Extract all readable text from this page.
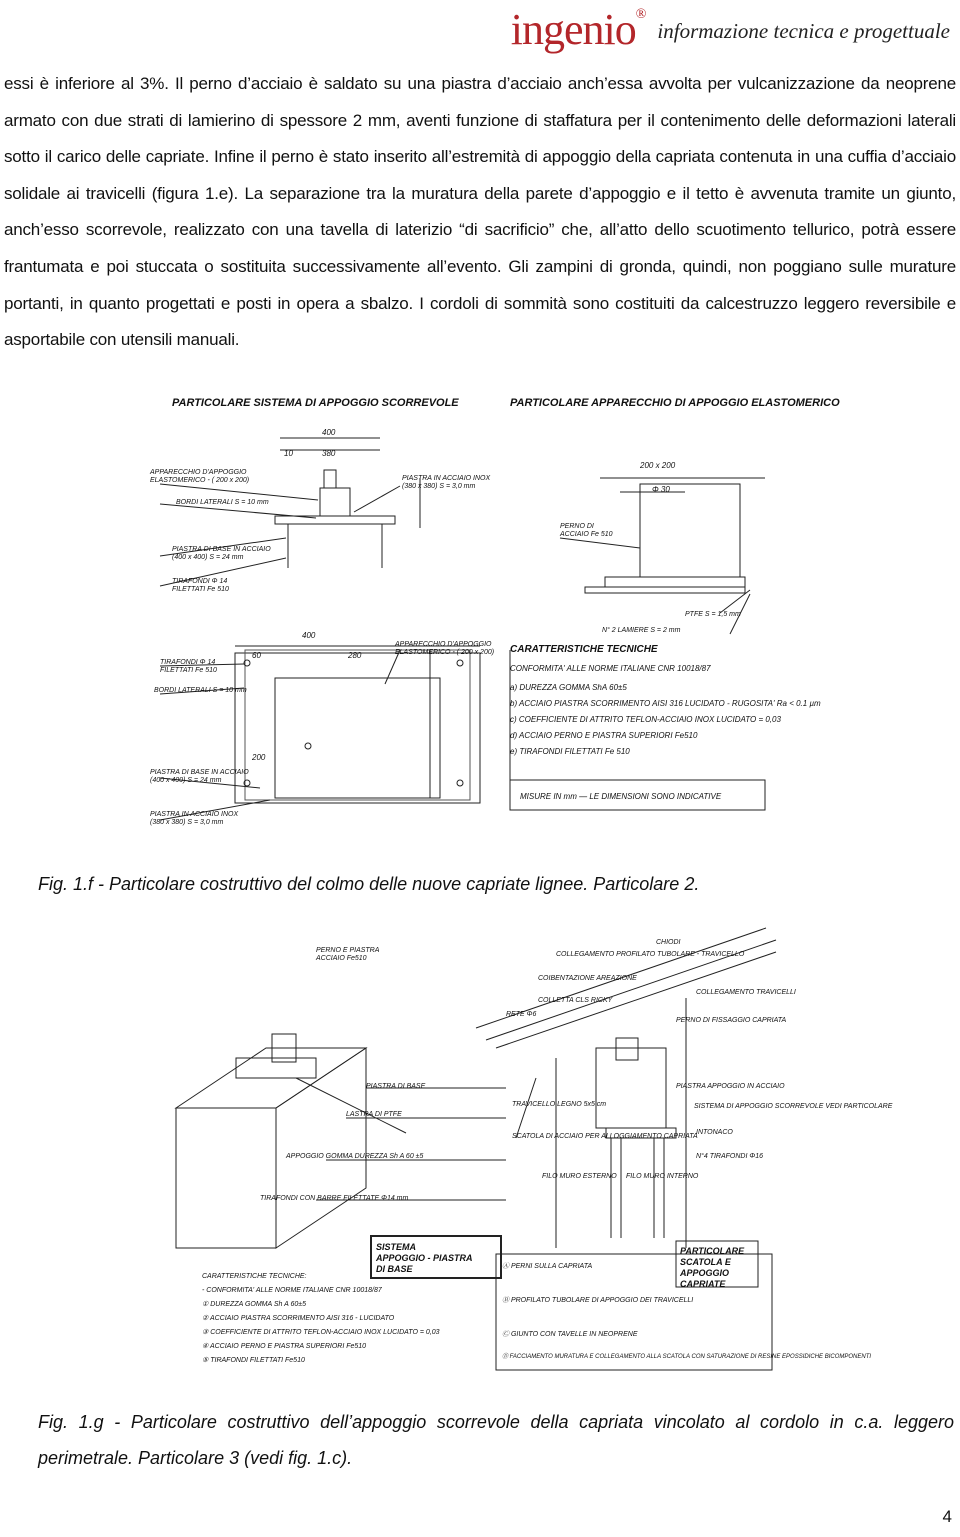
ingenio®
informazione tecnica e progettuale

essi è inferiore al 3%. Il perno d’acciaio è saldato su una piastra d’acciaio anch’essa avvolta per vulcanizzazione da neoprene armato con due strati di lamierino di spessore 2 mm, aventi funzione di staffatura per il contenimento delle deformazioni laterali sotto il carico delle capriate. Infine il perno è stato inserito all’estremità di appoggio della capriata contenuta in una cuffia d’acciaio solidale ai travicelli (figura 1.e). La separazione tra la muratura della parete d’appoggio e il tetto è avvenuta tramite un giunto, anch’esso scorrevole, realizzato con una tavella di laterizio “di sacrificio” che, all’atto dello scuotimento tellurico, potrà essere frantumata e poi stuccata o sostituita successivamente all’evento. Gli zampini di gronda, quindi, non poggiano sulle murature portanti, in quanto progettati e posti in opera a sbalzo. I cordoli di sommità sono costituiti da calcestruzzo leggero reversibile e asportabile con utensili manuali.

PARTICOLARE SISTEMA DI APPOGGIO SCORREVOLE	PARTICOLARE APPARECCHIO DI APPOGGIO ELASTOMERICO
400
380
10
APPARECCHIO D'APPOGGIO
ELASTOMERICO - ( 200 x 200)
BORDI LATERALI S = 10 mm
PIASTRA DI BASE IN ACCIAIO
(400 x 400) S = 24 mm
TIRAFONDI Φ 14
FILETTATI Fe 510
PIASTRA IN ACCIAIO INOX
(380 x 380) S = 3,0 mm
200 x 200
Φ 30
PERNO DI
ACCIAIO Fe 510
PTFE S = 1,5 mm
N° 2 LAMIERE S = 2 mm
400
60	280
200
TIRAFONDI Φ 14
FILETTATI Fe 510
BORDI LATERALI S = 10 mm
APPARECCHIO D'APPOGGIO
ELASTOMERICO - ( 200 x 200)
PIASTRA DI BASE IN ACCIAIO
(400 x 400) S = 24 mm
PIASTRA IN ACCIAIO INOX
(380 x 380) S = 3,0 mm
CARATTERISTICHE TECNICHE
CONFORMITA' ALLE NORME ITALIANE CNR 10018/87
a) DUREZZA GOMMA ShA 60±5
b) ACCIAIO PIASTRA SCORRIMENTO AISI 316 LUCIDATO - RUGOSITA' Ra < 0.1 µm
c) COEFFICIENTE DI ATTRITO TEFLON-ACCIAIO INOX LUCIDATO = 0,03
d) ACCIAIO PERNO E PIASTRA SUPERIORI Fe510
e) TIRAFONDI FILETTATI Fe 510
MISURE IN mm — LE DIMENSIONI SONO INDICATIVE
Fig. 1.f - Particolare costruttivo del colmo delle nuove capriate lignee. Particolare 2.
PERNO E PIASTRA
ACCIAIO Fe510
PIASTRA DI BASE
LASTRA DI PTFE
APPOGGIO GOMMA DUREZZA Sh A 60 ±5
TIRAFONDI CON BARRE FILETTATE Φ14 mm
SISTEMA
APPOGGIO - PIASTRA
DI BASE
CARATTERISTICHE TECNICHE:
- CONFORMITA' ALLE NORME ITALIANE CNR 10018/87
① DUREZZA GOMMA Sh A 60±5
② ACCIAIO PIASTRA SCORRIMENTO AISI 316 - LUCIDATO
③ COEFFICIENTE DI ATTRITO TEFLON-ACCIAIO INOX LUCIDATO = 0,03
④ ACCIAIO PERNO E PIASTRA SUPERIORI Fe510
⑤ TIRAFONDI FILETTATI Fe510
COLLEGAMENTO PROFILATO TUBOLARE - TRAVICELLO
CHIODI
COIBENTAZIONE AREAZIONE
COLLETTA CLS RICKY
RETE Φ6
COLLEGAMENTO TRAVICELLI
PERNO DI FISSAGGIO CAPRIATA
PIASTRA APPOGGIO IN ACCIAIO
SISTEMA DI APPOGGIO SCORREVOLE VEDI PARTICOLARE
TRAVICELLO LEGNO 5x5 cm
SCATOLA DI ACCIAIO PER ALLOGGIAMENTO CAPRIATA
INTONACO
N°4 TIRAFONDI Φ16
FILO MURO ESTERNO FILO MURO INTERNO
PARTICOLARE
SCATOLA E
APPOGGIO
CAPRIATE
Ⓐ PERNI SULLA CAPRIATA
Ⓑ PROFILATO TUBOLARE DI APPOGGIO DEI TRAVICELLI
Ⓒ GIUNTO CON TAVELLE IN NEOPRENE
Ⓓ FACCIAMENTO MURATURA E COLLEGAMENTO ALLA SCATOLA CON SATURAZIONE DI RESINE EPOSSIDICHE BICOMPONENTI
Fig. 1.g - Particolare costruttivo dell’appoggio scorrevole della capriata vincolato al cordolo in c.a. leggero perimetrale. Particolare 3 (vedi fig. 1.c).
4
